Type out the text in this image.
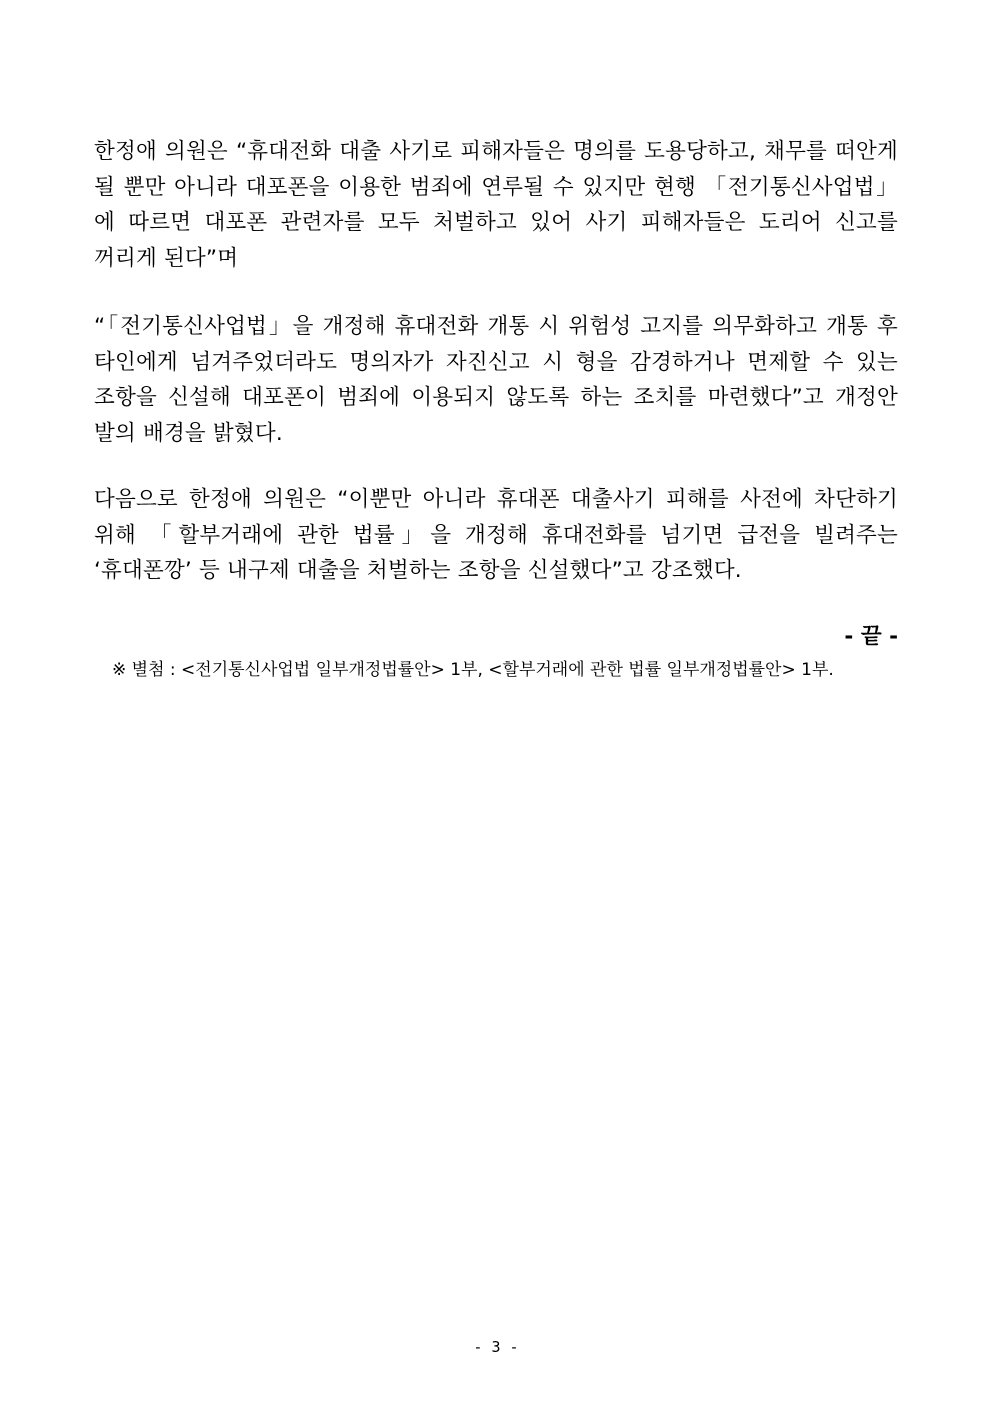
한정애 의원은 “휴대전화 대출 사기로 피해자들은 명의를 도용당하고, 채무를 떠안게 될 뿐만 아니라 대포폰을 이용한 범죄에 연루될 수 있지만 현행 「전기통신사업법」에 따르면 대포폰 관련자를 모두 처벌하고 있어 사기 피해자들은 도리어 신고를 꺼리게 된다”며

“「전기통신사업법」을 개정해 휴대전화 개통 시 위험성 고지를 의무화하고 개통 후 타인에게 넘겨주었더라도 명의자가 자진신고 시 형을 감경하거나 면제할 수 있는 조항을 신설해 대포폰이 범죄에 이용되지 않도록 하는 조치를 마련했다”고 개정안 발의 배경을 밝혔다.

다음으로 한정애 의원은 “이뿐만 아니라 휴대폰 대출사기 피해를 사전에 차단하기 위해 「할부거래에 관한 법률」을 개정해 휴대전화를 넘기면 급전을 빌려주는 ‘휴대폰깡’ 등 내구제 대출을 처벌하는 조항을 신설했다”고 강조했다.

- 끝 -
※ 별첨 : <전기통신사업법 일부개정법률안> 1부, <할부거래에 관한 법률 일부개정법률안> 1부.
- 3 -
